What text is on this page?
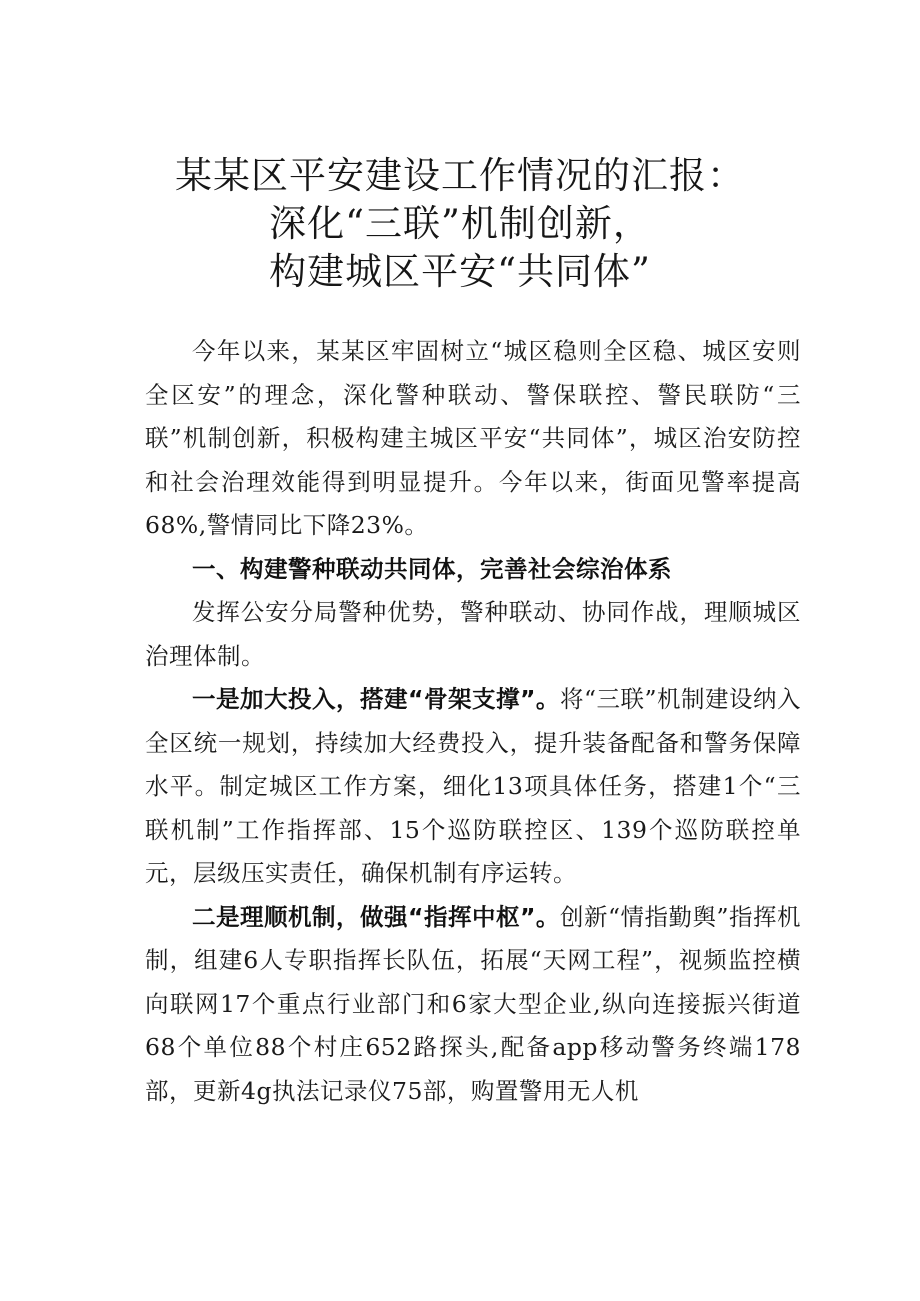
某某区平安建设工作情况的汇报：
深化“三联”机制创新，
构建城区平安“共同体”

今年以来，某某区牢固树立“城区稳则全区稳、城区安则全区安”的理念，深化警种联动、警保联控、警民联防“三联”机制创新，积极构建主城区平安“共同体”，城区治安防控和社会治理效能得到明显提升。今年以来，街面见警率提高68%,警情同比下降23%。

一、构建警种联动共同体，完善社会综治体系

发挥公安分局警种优势，警种联动、协同作战，理顺城区治理体制。

一是加大投入，搭建“骨架支撑”。将“三联”机制建设纳入全区统一规划，持续加大经费投入，提升装备配备和警务保障水平。制定城区工作方案，细化13项具体任务，搭建1个“三联机制”工作指挥部、15个巡防联控区、139个巡防联控单元，层级压实责任，确保机制有序运转。

二是理顺机制，做强“指挥中枢”。创新“情指勤舆”指挥机制，组建6人专职指挥长队伍，拓展“天网工程”，视频监控横向联网17个重点行业部门和6家大型企业,纵向连接振兴街道68个单位88个村庄652路探头,配备app移动警务终端178部，更新4g执法记录仪75部，购置警用无人机
